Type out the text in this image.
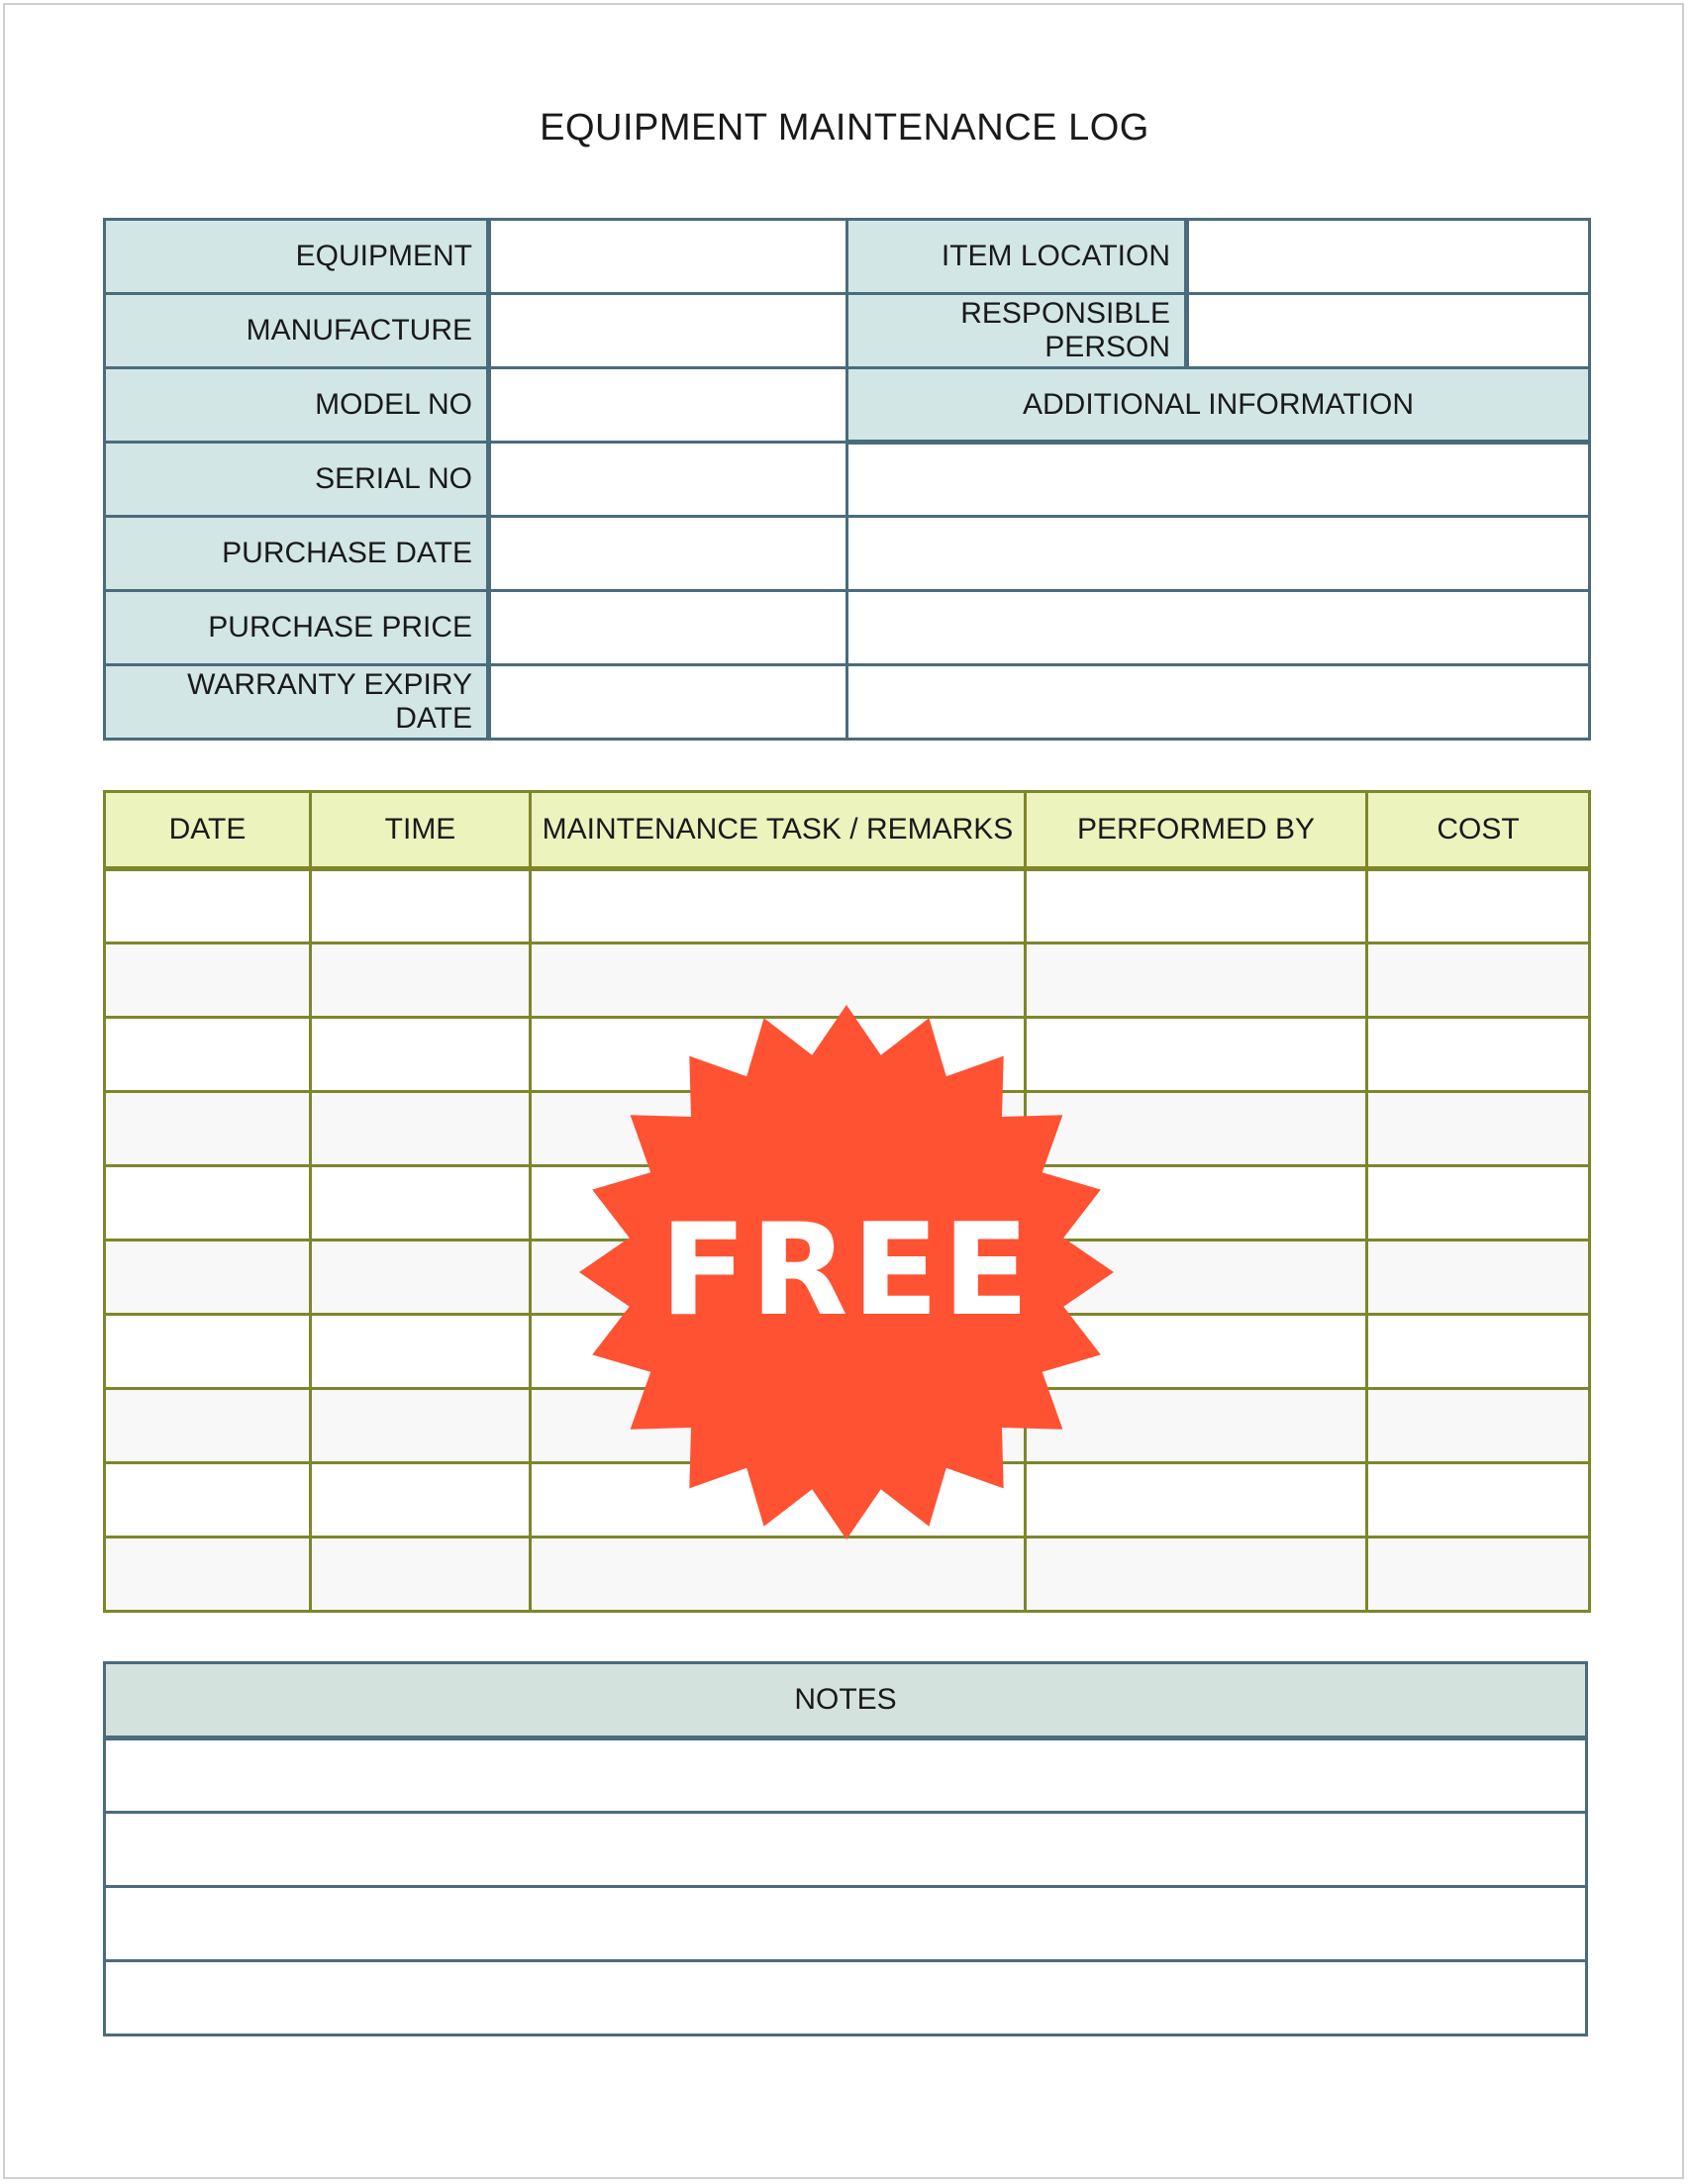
EQUIPMENT MAINTENANCE LOG
EQUIPMENT		ITEM LOCATION	
MANUFACTURE		RESPONSIBLE PERSON	
MODEL NO		ADDITIONAL INFORMATION	
SERIAL NO			
PURCHASE DATE			
PURCHASE PRICE			
WARRANTY EXPIRY DATE			
DATE	TIME	MAINTENANCE TASK / REMARKS	PERFORMED BY	COST

NOTES

FREE
